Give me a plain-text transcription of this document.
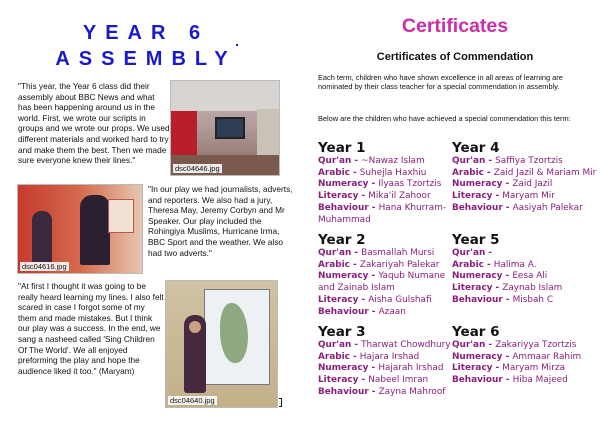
YEAR 6
ASSEMBLY

"This year, the Year 6 class did their assembly about BBC News and what has been happening around us in the world. First, we wrote our scripts in groups and we wrote our props. We used different materials and worked hard to try and make them the best. Then we made sure everyone knew their lines."

dsc04646.jpg
dsc04616.jpg

"In our play we had journalists, adverts, and reporters. We also had a jury, Theresa May, Jeremy Corbyn and Mr Speaker. Our play included the Rohingiya Muslims, Hurricane Irma, BBC Sport and the weather. We also had two adverts."

"At first I thought it was going to be really heard learning my lines. I also felt scared in case I forgot some of my them and made mistakes. But I think our play was a success. In the end, we sang a nasheed called 'Sing Children Of The World'. We all enjoyed preforming the play and hope the audience liked it too." (Maryam)

dsc04640.jpg
Certificates
Certificates of Commendation

Each term, children who have shown excellence in all areas of learning are nominated by their class teacher for a special commendation in assembly.

Below are the children who have achieved a special commendation this term:

Year 1
Qur'an - ~Nawaz Islam
Arabic - Suhejla Haxhiu
Numeracy - Ilyaas Tzortzis
Literacy - Mika'il Zahoor
Behaviour - Hana Khurram-Muhammad
Year 2
Qur'an - Basmallah Mursi
Arabic - Zakariyah Palekar
Numeracy - Yaqub Numane and Zainab Islam
Literacy - Aisha Gulshafi
Behaviour - Azaan
Year 3
Qur'an - Tharwat Chowdhury
Arabic - Hajara Irshad
Numeracy - Hajarah Irshad
Literacy - Nabeel Imran
Behaviour - Zayna Mahroof
Year 4
Qur'an - Saffiya Tzortzis
Arabic - Zaid Jazil & Mariam Mir
Numeracy - Zaid Jazil
Literacy - Maryam Mir
Behaviour - Aasiyah Palekar
Year 5
Qur'an -
Arabic - Halima A.
Numeracy - Eesa Ali
Literacy - Zaynab Islam
Behaviour - Misbah C
Year 6
Qur'an - Zakariyya Tzortzis
Numeracy - Ammaar Rahim
Literacy - Maryam Mirza
Behaviour - Hiba Majeed
